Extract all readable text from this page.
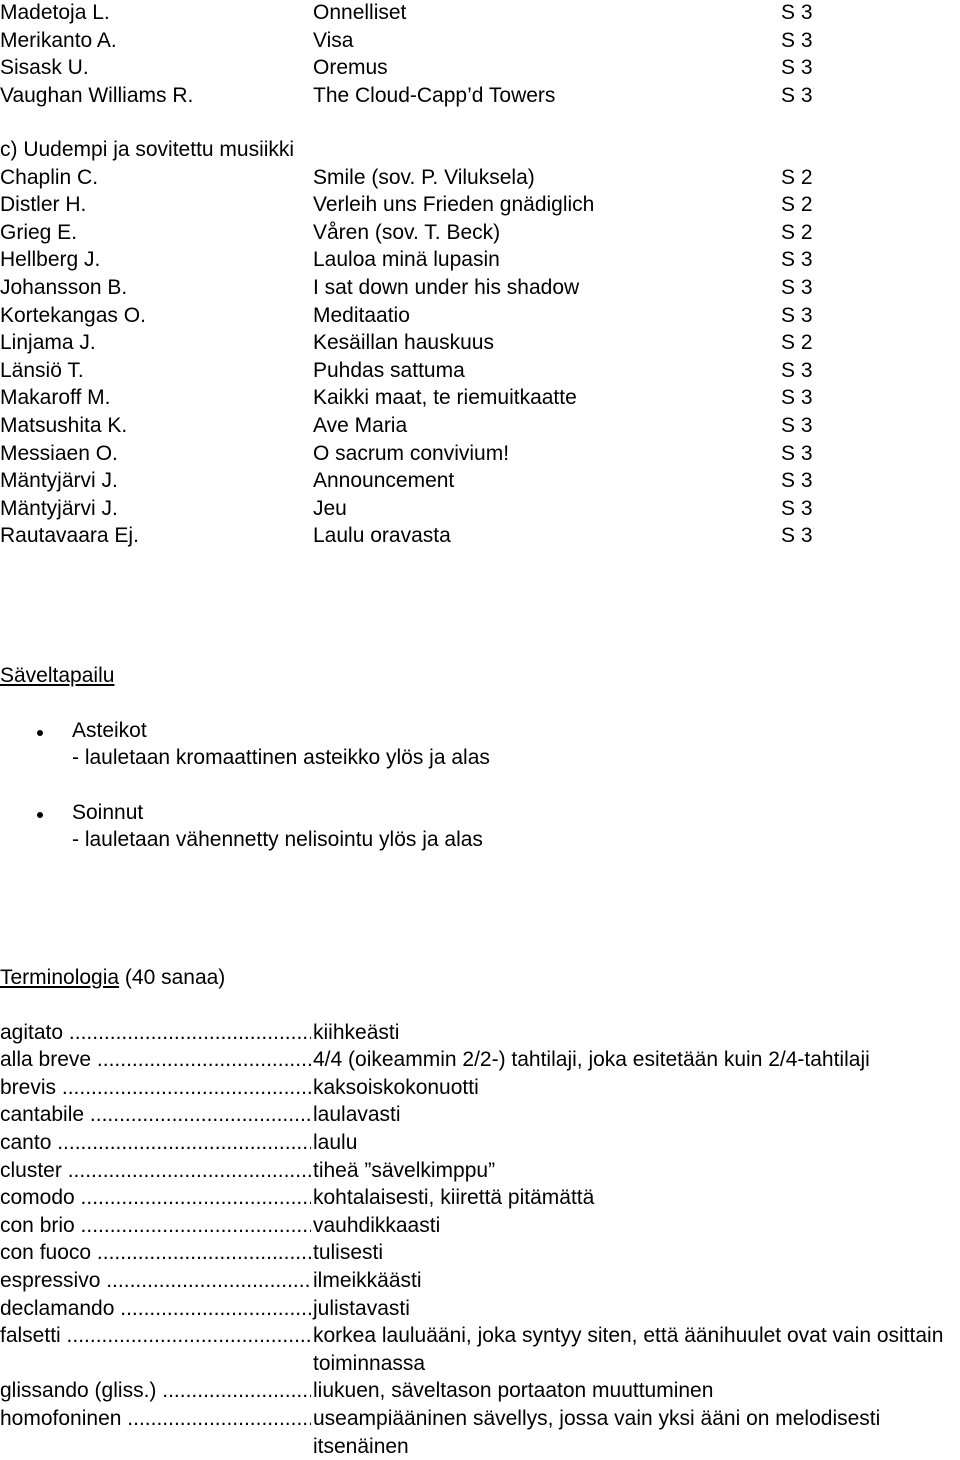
Madetoja L.	Onnelliset	S 3
Merikanto A.	Visa	S 3
Sisask U.	Oremus	S 3
Vaughan Williams R.	The Cloud-Capp’d Towers	S 3
c) Uudempi ja sovitettu musiikki
Chaplin C.	Smile (sov. P. Viluksela)	S 2
Distler H.	Verleih uns Frieden gnädiglich	S 2
Grieg E.	Våren (sov. T. Beck)	S 2
Hellberg J.	Lauloa minä lupasin	S 3
Johansson B.	I sat down under his shadow	S 3
Kortekangas O.	Meditaatio	S 3
Linjama J.	Kesäillan hauskuus	S 2
Länsiö T.	Puhdas sattuma	S 3
Makaroff M.	Kaikki maat, te riemuitkaatte	S 3
Matsushita K.	Ave Maria	S 3
Messiaen O.	O sacrum convivium!	S 3
Mäntyjärvi J.	Announcement	S 3
Mäntyjärvi J.	Jeu	S 3
Rautavaara Ej.	Laulu oravasta	S 3
Säveltapailu
Asteikot
- lauletaan kromaattinen asteikko ylös ja alas
Soinnut
- lauletaan vähennetty nelisointu ylös ja alas
Terminologia (40 sanaa)
agitato .....	kiihkeästi
alla breve .....	4/4 (oikeammin 2/2-) tahtilaji, joka esitetään kuin 2/4-tahtilaji
brevis .....	kaksoiskokonuotti
cantabile .....	laulavasti
canto .....	laulu
cluster .....	tiheä ”sävelkimppu”
comodo .....	kohtalaisesti, kiirettä pitämättä
con brio .....	vauhdikkaasti
con fuoco .....	tulisesti
espressivo .....	ilmeikkäästi
declamando .....	julistavasti
falsetti .....	korkea lauluääni, joka syntyy siten, että äänihuulet ovat vain osittain toiminnassa
glissando (gliss.) .....	liukuen, säveltason portaaton muuttuminen
homofoninen .....	useampiääninen sävellys, jossa vain yksi ääni on melodisesti itsenäinen
